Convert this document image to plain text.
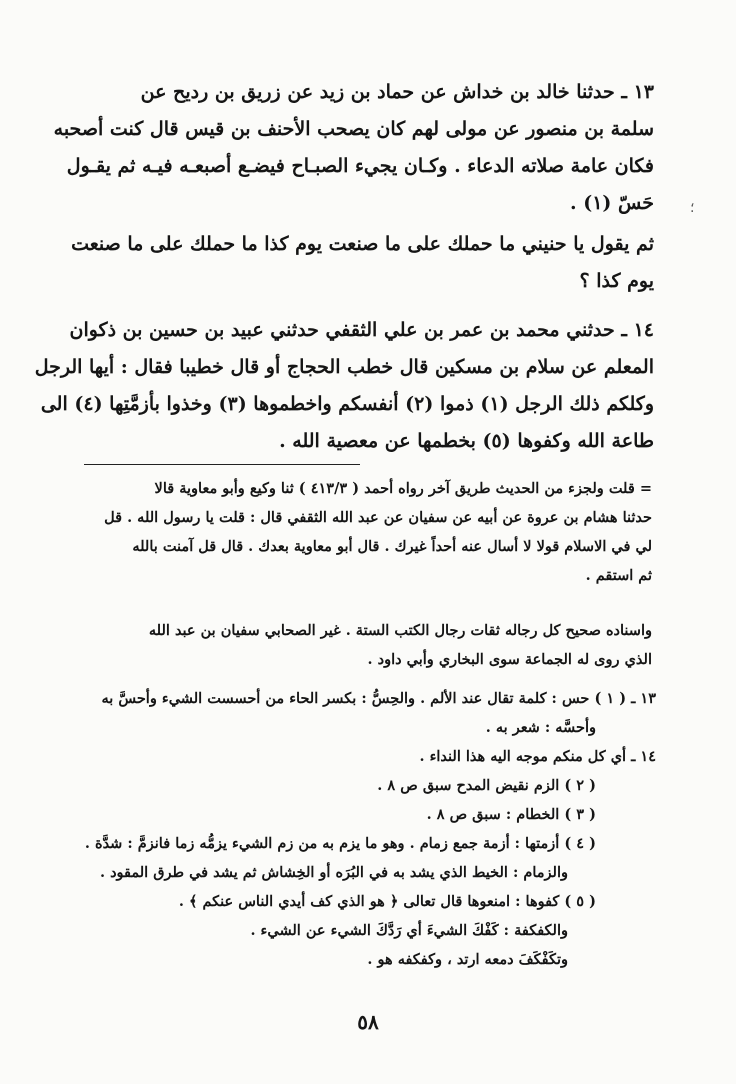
١٣ ـ حدثنا خالد بن خداش عن حماد بن زيد عن زريق بن رديح عن
سلمة بن منصور عن مولى لهم كان يصحب الأحنف بن قيس قال كنت أصحبه
فكان عامة صلاته الدعاء . وكـان يجيء الصبـاح فيضـع أصبعـه فيـه ثم يقـول
حَسّ (١) .
ثم يقول يا حنيني ما حملك على ما صنعت يوم كذا ما حملك على ما صنعت
يوم كذا ؟
١٤ ـ حدثني محمد بن عمر بن علي الثقفي حدثني عبيد بن حسين بن ذكوان
المعلم عن سلام بن مسكين قال خطب الحجاج أو قال خطيبا فقال : أيها الرجل
وكلكم ذلك الرجل (١) ذموا (٢) أنفسكم واخطموها (٣) وخذوا بأزمَّتِها (٤) الى
طاعة الله وكفوها (٥) بخطمها عن معصية الله .
= قلت ولجزء من الحديث طريق آخر رواه أحمد ( ٤١٣/٣ ) ثنا وكيع وأبو معاوية قالا
حدثنا هشام بن عروة عن أبيه عن سفيان عن عبد الله الثقفي قال : قلت يا رسول الله . قل
لي في الاسلام قولا لا أسال عنه أحداً غيرك . قال أبو معاوية بعدك . قال قل آمنت بالله
ثم استقم .
واسناده صحيح كل رجاله ثقات رجال الكتب الستة . غير الصحابي سفيان بن عبد الله
الذي روى له الجماعة سوى البخاري وأبي داود .
١٣ ـ ( ١ ) حس : كلمة تقال عند الألم . والحِسُّ : بكسر الحاء من أحسست الشيء وأحسَّ به
وأحسَّه : شعر به .
١٤ ـ أي كل منكم موجه اليه هذا النداء .
( ٢ ) الزم نقيض المدح سبق ص ٨ .
( ٣ ) الخطام : سبق ص ٨ .
( ٤ ) أزمتها : أزمة جمع زمام . وهو ما يزم به من زم الشيء يزمُّه زما فانزمَّ : شدَّة .
والزمام : الخيط الذي يشد به في البُرَه أو الخِشاش ثم يشد في طرق المقود .
( ٥ ) كفوها : امنعوها قال تعالى ﴿ هو الذي كف أيدي الناس عنكم ﴾ .
والكفكفة : كَفْكَ الشيءَ أي رَدَّكَ الشيء عن الشيء .
وتكَفْكَفَ دمعه ارتد ، وكفكفه هو .
؛
٥٨
